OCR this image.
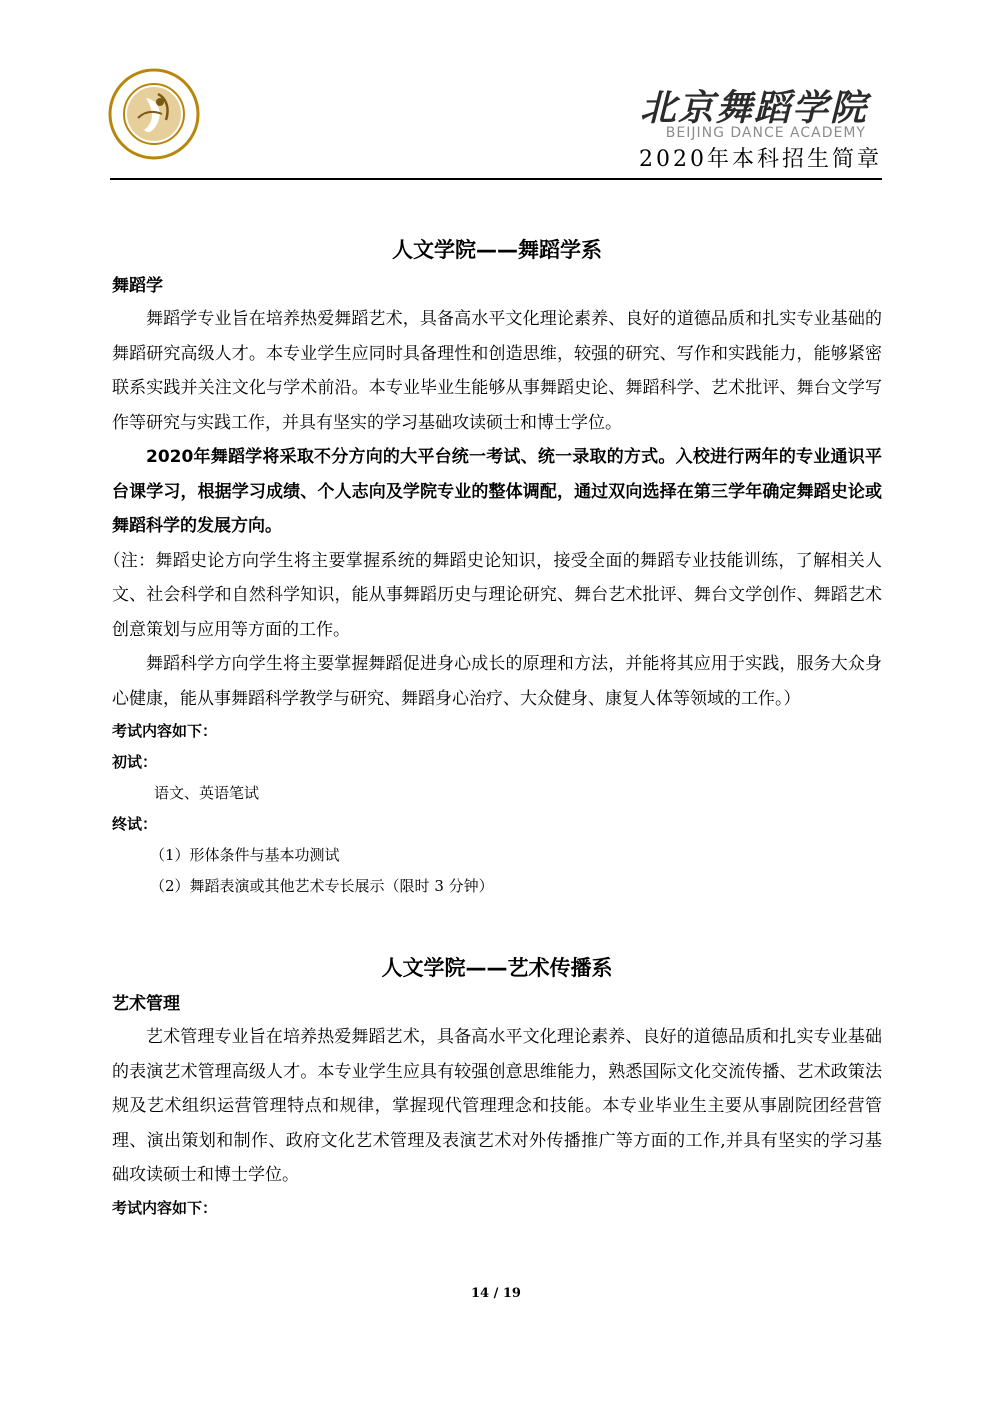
北京舞蹈学院
BEIJING DANCE ACADEMY
2020年本科招生简章
人文学院——舞蹈学系
舞蹈学

舞蹈学专业旨在培养热爱舞蹈艺术，具备高水平文化理论素养、良好的道德品质和扎实专业基础的舞蹈研究高级人才。本专业学生应同时具备理性和创造思维，较强的研究、写作和实践能力，能够紧密联系实践并关注文化与学术前沿。本专业毕业生能够从事舞蹈史论、舞蹈科学、艺术批评、舞台文学写作等研究与实践工作，并具有坚实的学习基础攻读硕士和博士学位。

2020年舞蹈学将采取不分方向的大平台统一考试、统一录取的方式。入校进行两年的专业通识平台课学习，根据学习成绩、个人志向及学院专业的整体调配，通过双向选择在第三学年确定舞蹈史论或舞蹈科学的发展方向。

（注：舞蹈史论方向学生将主要掌握系统的舞蹈史论知识，接受全面的舞蹈专业技能训练，了解相关人文、社会科学和自然科学知识，能从事舞蹈历史与理论研究、舞台艺术批评、舞台文学创作、舞蹈艺术创意策划与应用等方面的工作。

舞蹈科学方向学生将主要掌握舞蹈促进身心成长的原理和方法，并能将其应用于实践，服务大众身心健康，能从事舞蹈科学教学与研究、舞蹈身心治疗、大众健身、康复人体等领域的工作。）

考试内容如下：
初试：
语文、英语笔试
终试：
（1）形体条件与基本功测试
（2）舞蹈表演或其他艺术专长展示（限时 3 分钟）
人文学院——艺术传播系
艺术管理

艺术管理专业旨在培养热爱舞蹈艺术，具备高水平文化理论素养、良好的道德品质和扎实专业基础的表演艺术管理高级人才。本专业学生应具有较强创意思维能力，熟悉国际文化交流传播、艺术政策法规及艺术组织运营管理特点和规律，掌握现代管理理念和技能。本专业毕业生主要从事剧院团经营管理、演出策划和制作、政府文化艺术管理及表演艺术对外传播推广等方面的工作,并具有坚实的学习基础攻读硕士和博士学位。

考试内容如下：
14 / 19
